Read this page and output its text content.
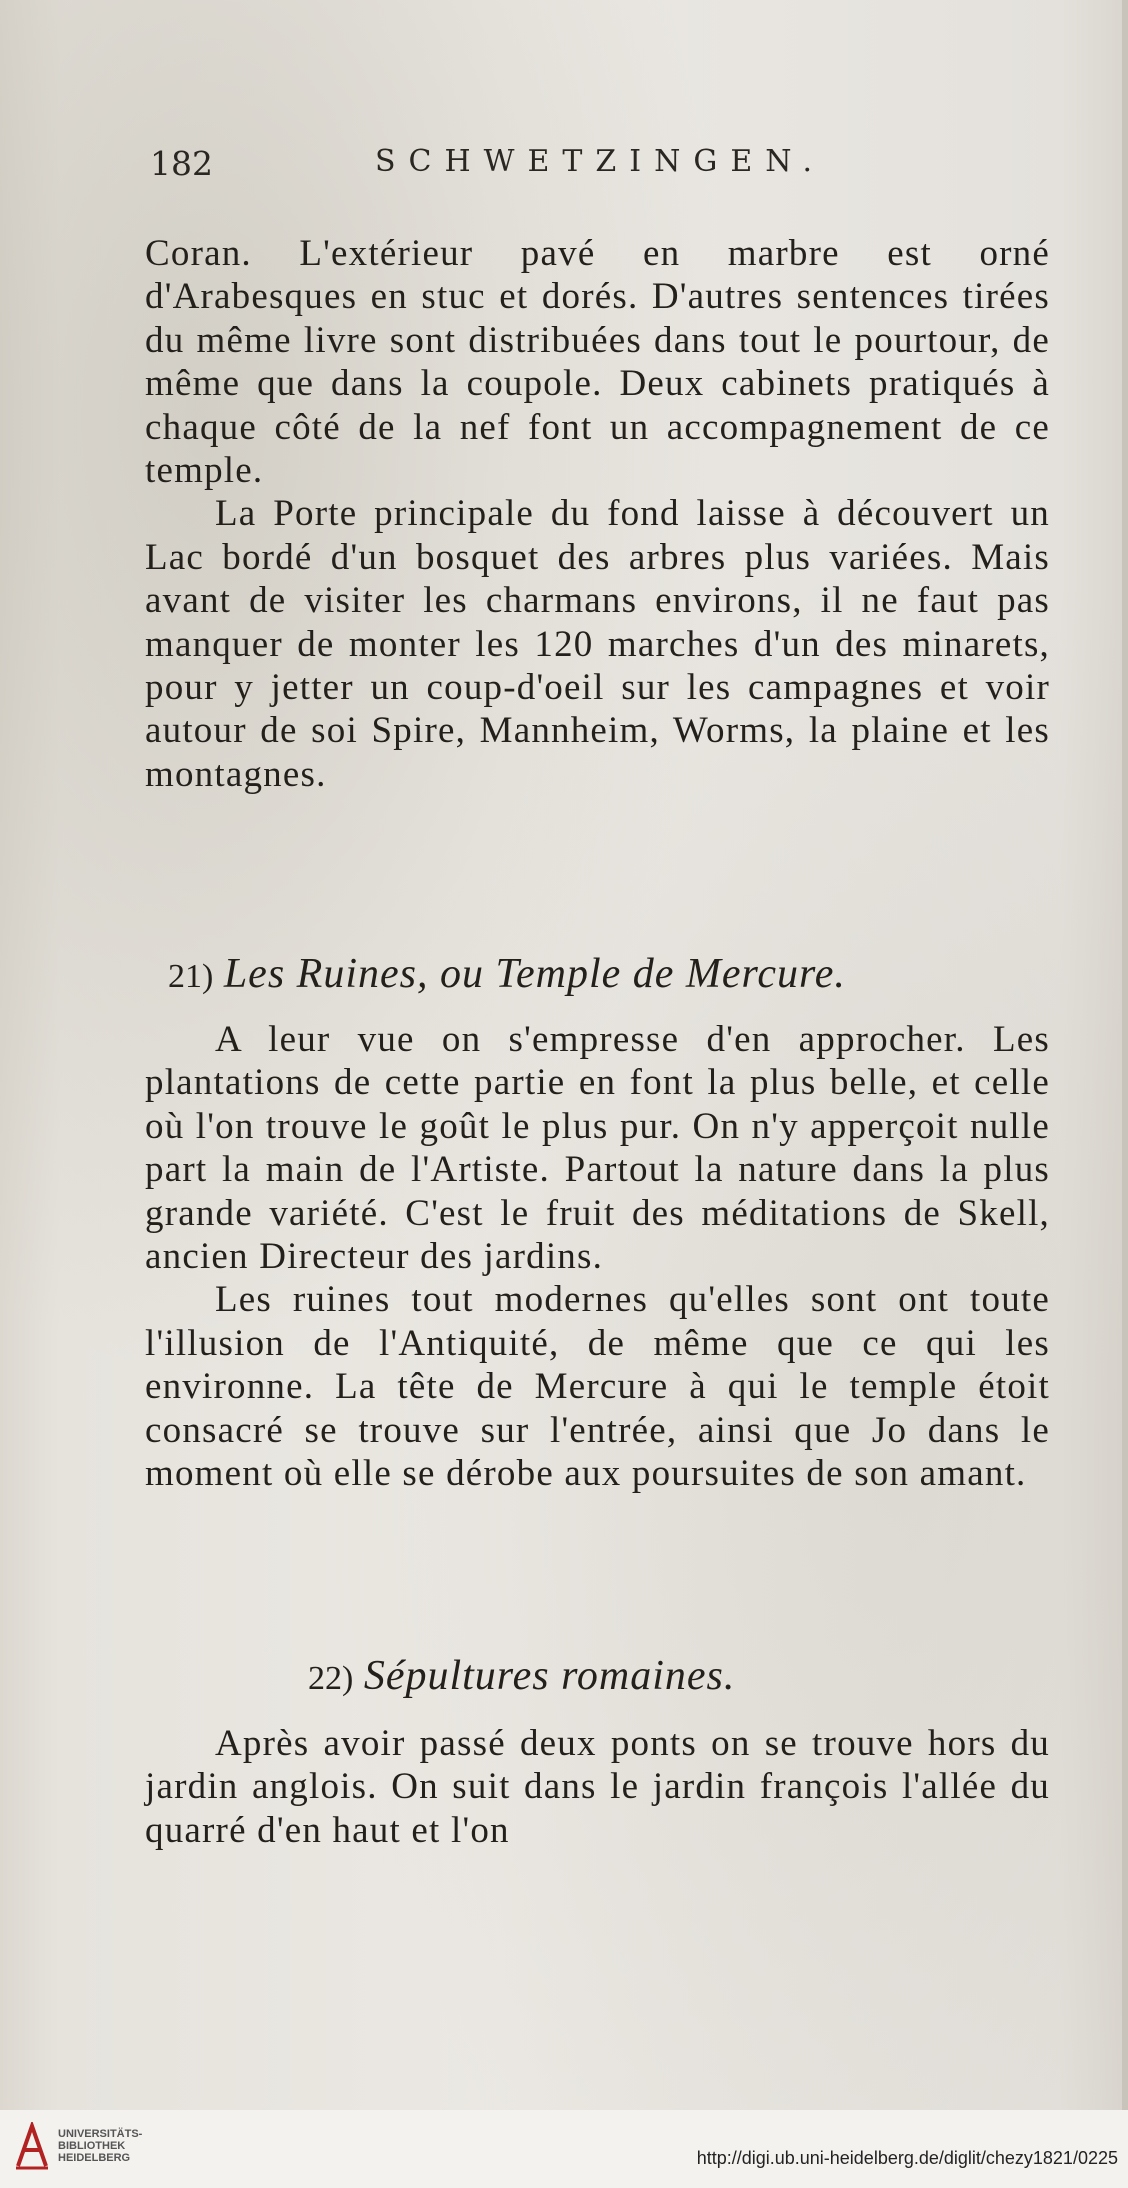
182	SCHWETZINGEN.

Coran. L'extérieur pavé en marbre est orné d'Arabesques en stuc et dorés. D'autres sentences tirées du même livre sont distribuées dans tout le pourtour, de même que dans la coupole. Deux cabinets pratiqués à chaque côté de la nef font un accompagnement de ce temple.

La Porte principale du fond laisse à découvert un Lac bordé d'un bosquet des arbres plus variées. Mais avant de visiter les charmans environs, il ne faut pas manquer de monter les 120 marches d'un des minarets, pour y jetter un coup-d'oeil sur les campagnes et voir autour de soi Spire, Mannheim, Worms, la plaine et les montagnes.

21) Les Ruines, ou Temple de Mercure.

A leur vue on s'empresse d'en approcher. Les plantations de cette partie en font la plus belle, et celle où l'on trouve le goût le plus pur. On n'y apperçoit nulle part la main de l'Artiste. Partout la nature dans la plus grande variété. C'est le fruit des méditations de Skell, ancien Directeur des jardins.

Les ruines tout modernes qu'elles sont ont toute l'illusion de l'Antiquité, de même que ce qui les environne. La tête de Mercure à qui le temple étoit consacré se trouve sur l'entrée, ainsi que Jo dans le moment où elle se dérobe aux poursuites de son amant.

22) Sépultures romaines.

Après avoir passé deux ponts on se trouve hors du jardin anglois. On suit dans le jardin françois l'allée du quarré d'en haut et l'on

UNIVERSITÄTS-
BIBLIOTHEK
HEIDELBERG	http://digi.ub.uni-heidelberg.de/diglit/chezy1821/0225
